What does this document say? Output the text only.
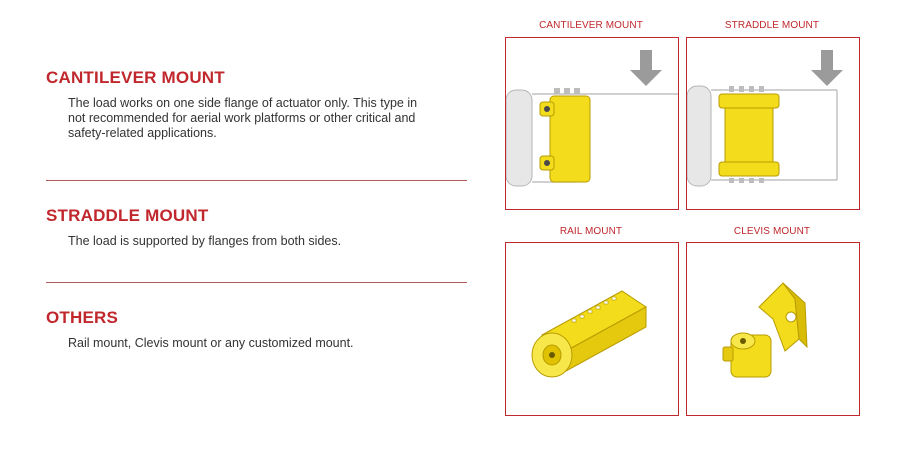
CANTILEVER MOUNT

The load works on one side flange of actuator only. This type in not recommended for aerial work platforms or other critical and safety-related applications.

STRADDLE MOUNT

The load is supported by flanges from both sides.

OTHERS

Rail mount, Clevis mount or any customized mount.

CANTILEVER MOUNT	STRADDLE MOUNT
RAIL MOUNT	CLEVIS MOUNT
